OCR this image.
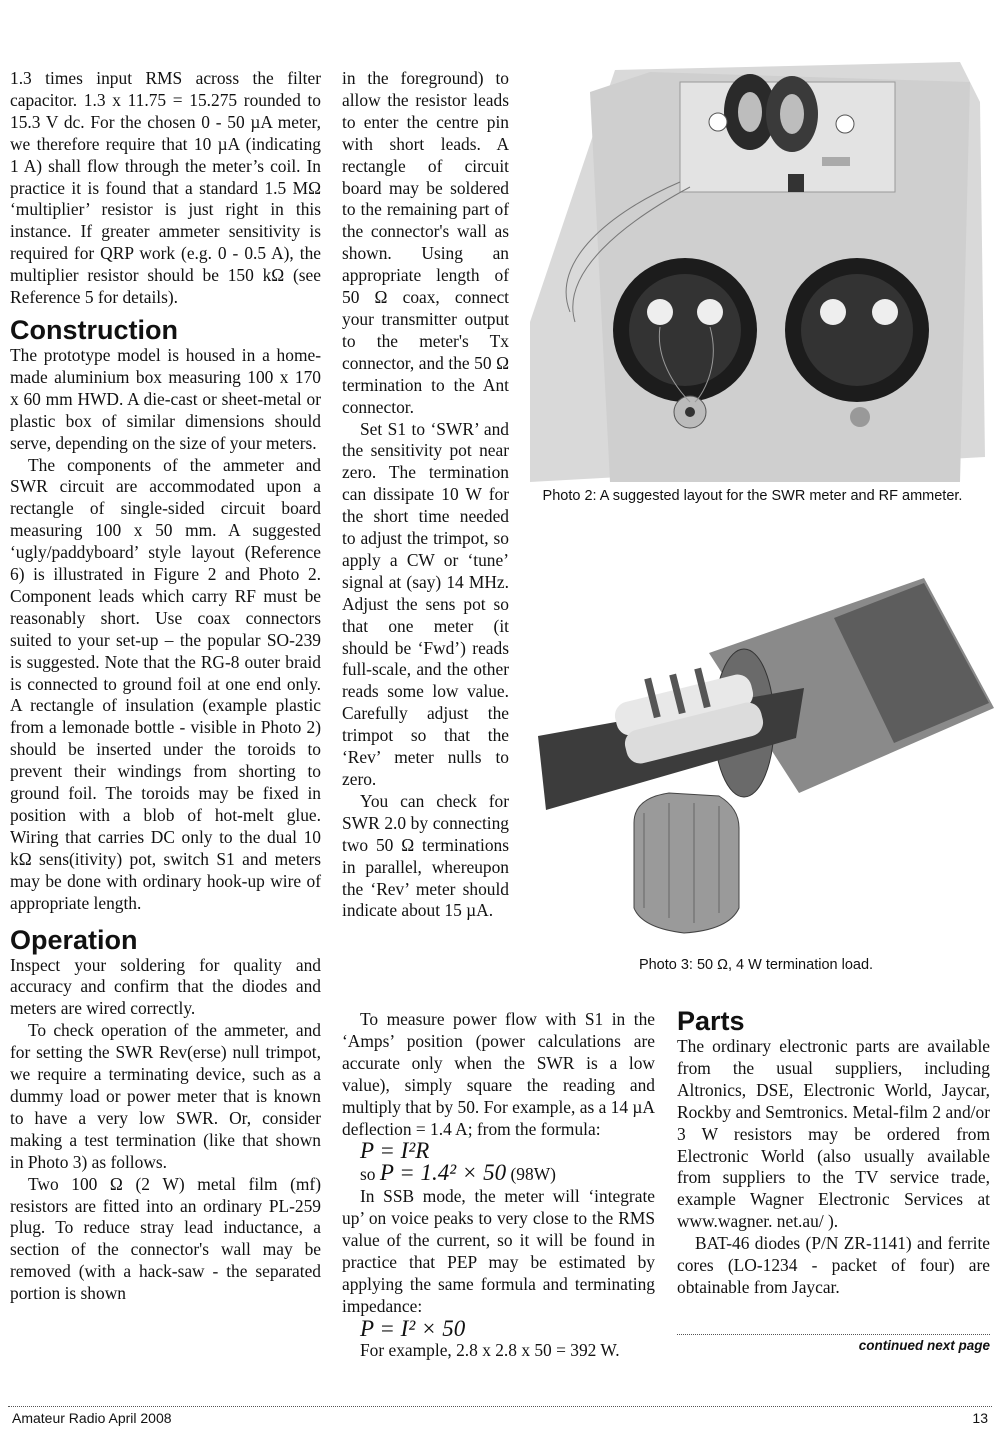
1.3 times input RMS across the filter capacitor. 1.3 x 11.75 = 15.275 rounded to 15.3 V dc. For the chosen 0 - 50 µA meter, we therefore require that 10 µA (indicating 1 A) shall flow through the meter’s coil. In practice it is found that a standard 1.5 MΩ ‘multiplier’ resistor is just right in this instance. If greater ammeter sensitivity is required for QRP work (e.g. 0 - 0.5 A), the multiplier resistor should be 150 kΩ (see Reference 5 for details).

Construction

The prototype model is housed in a home-made aluminium box measuring 100 x 170 x 60 mm HWD. A die-cast or sheet-metal or plastic box of similar dimensions should serve, depending on the size of your meters.

The components of the ammeter and SWR circuit are accommodated upon a rectangle of single-sided circuit board measuring 100 x 50 mm. A suggested ‘ugly/paddyboard’ style layout (Reference 6) is illustrated in Figure 2 and Photo 2. Component leads which carry RF must be reasonably short. Use coax connectors suited to your set-up – the popular SO-239 is suggested. Note that the RG-8 outer braid is connected to ground foil at one end only. A rectangle of insulation (example plastic from a lemonade bottle - visible in Photo 2) should be inserted under the toroids to prevent their windings from shorting to ground foil. The toroids may be fixed in position with a blob of hot-melt glue. Wiring that carries DC only to the dual 10 kΩ sens(itivity) pot, switch S1 and meters may be done with ordinary hook-up wire of appropriate length.

Operation

Inspect your soldering for quality and accuracy and confirm that the diodes and meters are wired correctly.

To check operation of the ammeter, and for setting the SWR Rev(erse) null trimpot, we require a terminating device, such as a dummy load or power meter that is known to have a very low SWR. Or, consider making a test termination (like that shown in Photo 3) as follows.

Two 100 Ω (2 W) metal film (mf) resistors are fitted into an ordinary PL-259 plug. To reduce stray lead inductance, a section of the connector's wall may be removed (with a hack-saw - the separated portion is shown

in the foreground) to allow the resistor leads to enter the centre pin with short leads. A rectangle of circuit board may be soldered to the remaining part of the connector's wall as shown. Using an appropriate length of 50 Ω coax, connect your transmitter output to the meter's Tx connector, and the 50 Ω termination to the Ant connector.

Set S1 to ‘SWR’ and the sensitivity pot near zero. The termination can dissipate 10 W for the short time needed to adjust the trimpot, so apply a CW or ‘tune’ signal at (say) 14 MHz. Adjust the sens pot so that one meter (it should be ‘Fwd’) reads full-scale, and the other reads some low value. Carefully adjust the trimpot so that the ‘Rev’ meter nulls to zero.

You can check for SWR 2.0 by connecting two 50 Ω terminations in parallel, whereupon the ‘Rev’ meter should indicate about 15 µA.

To measure power flow with S1 in the ‘Amps’ position (power calculations are accurate only when the SWR is a low value), simply square the reading and multiply that by 50. For example, as a 14 µA deflection = 1.4 A; from the formula:

P = I²R
so P = 1.4² × 50 (98W)

In SSB mode, the meter will ‘integrate up’ on voice peaks to very close to the RMS value of the current, so it will be found in practice that PEP may be estimated by applying the same formula and terminating impedance:

P = I² × 50

For example, 2.8 x 2.8 x 50 = 392 W.

Parts

The ordinary electronic parts are available from the usual suppliers, including Altronics, DSE, Electronic World, Jaycar, Rockby and Semtronics. Metal-film 2 and/or 3 W resistors may be ordered from Electronic World (also usually available from suppliers to the TV service trade, example Wagner Electronic Services at www.wagner. net.au/ ).

BAT-46 diodes (P/N ZR-1141) and ferrite cores (LO-1234 - packet of four) are obtainable from Jaycar.

continued next page
Photo 2: A suggested layout for the SWR meter and RF ammeter.
Photo 3: 50 Ω, 4 W termination load.
Amateur Radio April 2008	13
